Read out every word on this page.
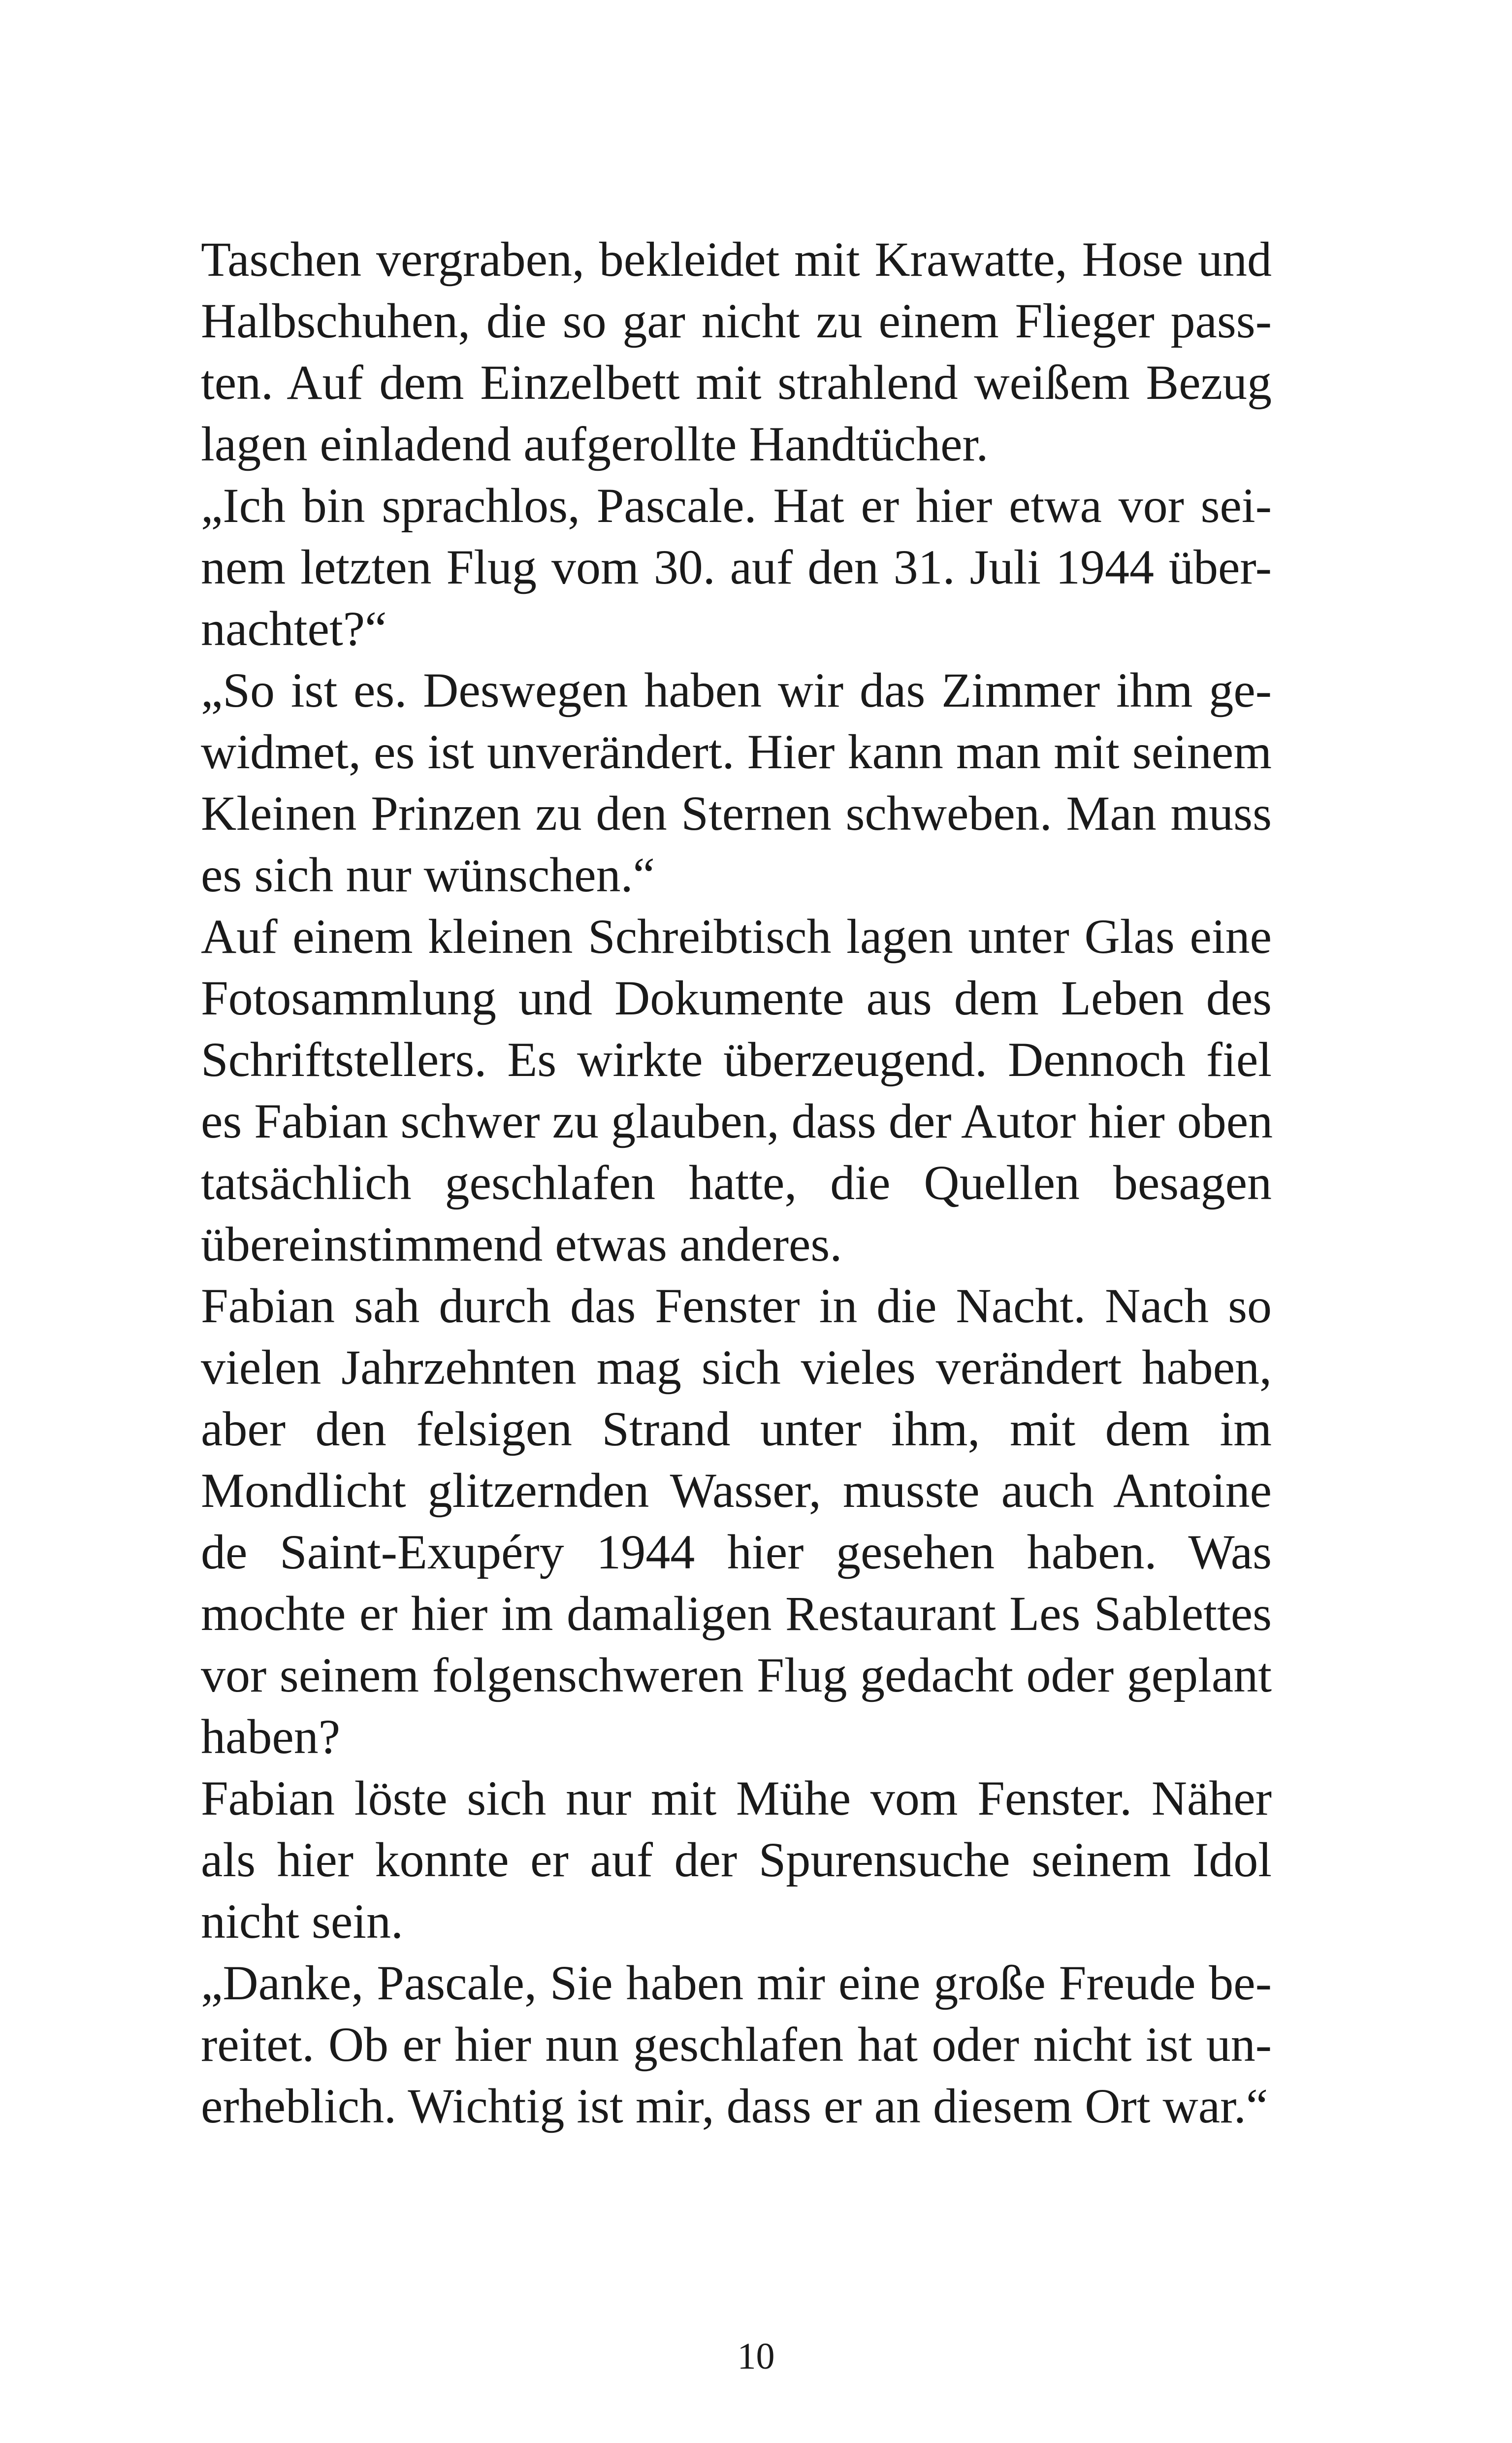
Taschen vergraben, bekleidet mit Krawatte, Hose und
Halbschuhen, die so gar nicht zu einem Flieger pass-
ten. Auf dem Einzelbett mit strahlend weißem Bezug
lagen einladend aufgerollte Handtücher.
„Ich bin sprachlos, Pascale. Hat er hier etwa vor sei-
nem letzten Flug vom 30. auf den 31. Juli 1944 über-
nachtet?“
„So ist es. Deswegen haben wir das Zimmer ihm ge-
widmet, es ist unverändert. Hier kann man mit seinem
Kleinen Prinzen zu den Sternen schweben. Man muss
es sich nur wünschen.“
Auf einem kleinen Schreibtisch lagen unter Glas eine
Fotosammlung und Dokumente aus dem Leben des
Schriftstellers. Es wirkte überzeugend. Dennoch fiel
es Fabian schwer zu glauben, dass der Autor hier oben
tatsächlich geschlafen hatte, die Quellen besagen
übereinstimmend etwas anderes.
Fabian sah durch das Fenster in die Nacht. Nach so
vielen Jahrzehnten mag sich vieles verändert haben,
aber den felsigen Strand unter ihm, mit dem im
Mondlicht glitzernden Wasser, musste auch Antoine
de Saint-Exupéry 1944 hier gesehen haben. Was
mochte er hier im damaligen Restaurant Les Sablettes
vor seinem folgenschweren Flug gedacht oder geplant
haben?
Fabian löste sich nur mit Mühe vom Fenster. Näher
als hier konnte er auf der Spurensuche seinem Idol
nicht sein.
„Danke, Pascale, Sie haben mir eine große Freude be-
reitet. Ob er hier nun geschlafen hat oder nicht ist un-
erheblich. Wichtig ist mir, dass er an diesem Ort war.“
10
